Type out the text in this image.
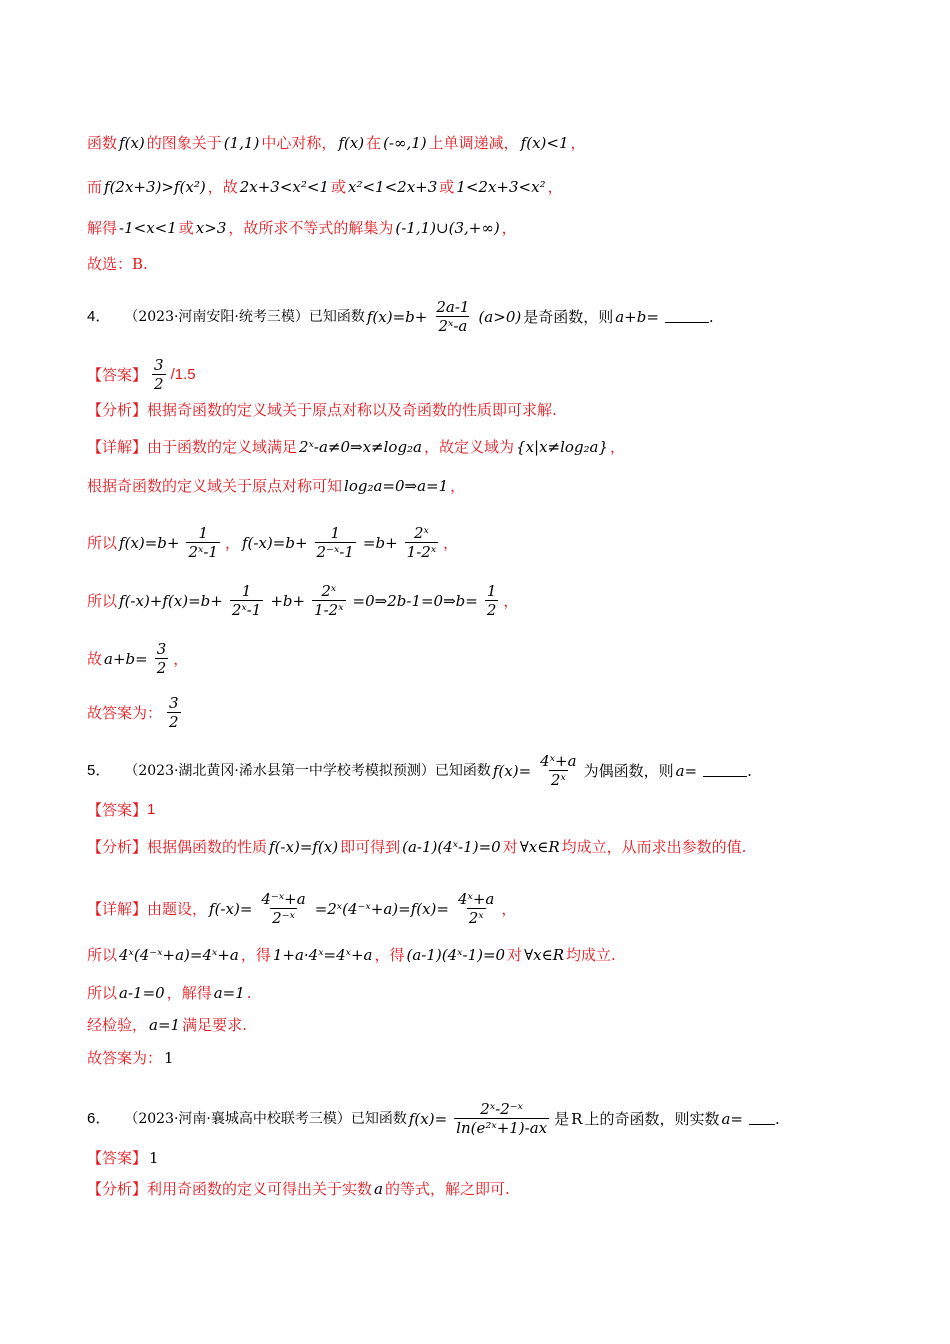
函数 f(x) 的图象关于 (1,1) 中心对称， f(x) 在 (-∞,1) 上单调递减， f(x)<1 ，
而 f(2x+3)>f(x²) ，故 2x+3<x²<1 或 x²<1<2x+3 或 1<2x+3<x² ，
解得 -1<x<1 或 x>3 ，故所求不等式的解集为 (-1,1)∪(3,+∞) ，
故选：B.
4． （2023·河南安阳·统考三模）已知函数 $f(x)=b+ \frac{2a-1}{\text{2ˣ-a}} (a>0)$ 是奇函数，则 a+b=	.
【答案】 $\frac{3}{2} /1.5$
【分析】 根据奇函数的定义域关于原点对称以及奇函数的性质即可求解.
【详解】 由于函数的定义域满足 2ˣ-a≠0⇒x≠log₂a ，故定义域为 {x|x≠log₂a} ，
根据奇函数的定义域关于原点对称可知 log₂a=0⇒a=1 ，
所以 $f(x)=b+ \frac{1}{\text{2ˣ-1}}$ ， $f(-x)=b+ \frac{1}{\text{2⁻ˣ-1}} =b+ \frac{\text{2ˣ}}{\text{1-2ˣ}}$ ，
所以 $f(-x)+f(x)=b+ \frac{1}{\text{2ˣ-1}} +b+ \frac{\text{2ˣ}}{\text{1-2ˣ}}$ =0⇒2b-1=0⇒b= $\frac{1}{2}$ ，
故 $a+b= \frac{3}{2}$ ，
故答案为： $\frac{3}{2}$
5． （2023·湖北黄冈·浠水县第一中学校考模拟预测）已知函数 $f(x)= \frac{\text{4ˣ+a}}{\text{2ˣ}}$ 为偶函数，则 a=	.
【答案】 1
【分析】 根据偶函数的性质 f(-x)=f(x) 即可得到 (a-1)(4ˣ-1)=0 对 ∀x∈R 均成立，从而求出参数的值.
【详解】 由题设， $f(-x)= \frac{\text{4⁻ˣ+a}}{\text{2⁻ˣ}}$ =2ˣ(4⁻ˣ+a)=f(x)= $\frac{\text{4ˣ+a}}{\text{2ˣ}}$ ，
所以 4ˣ(4⁻ˣ+a)=4ˣ+a ，得 1+a·4ˣ=4ˣ+a ，得 (a-1)(4ˣ-1)=0 对 ∀x∈R 均成立.
所以 a-1=0 ，解得 a=1 .
经检验， a=1 满足要求.
故答案为： 1
6． （2023·河南·襄城高中校联考三模）已知函数 $f(x)= \frac{\text{2ˣ-2⁻ˣ}}{\text{ln(e²ˣ+1)-ax}}$ 是 R 上的奇函数，则实数 a= .
【答案】 1
【分析】 利用奇函数的定义可得出关于实数 a 的等式，解之即可.
